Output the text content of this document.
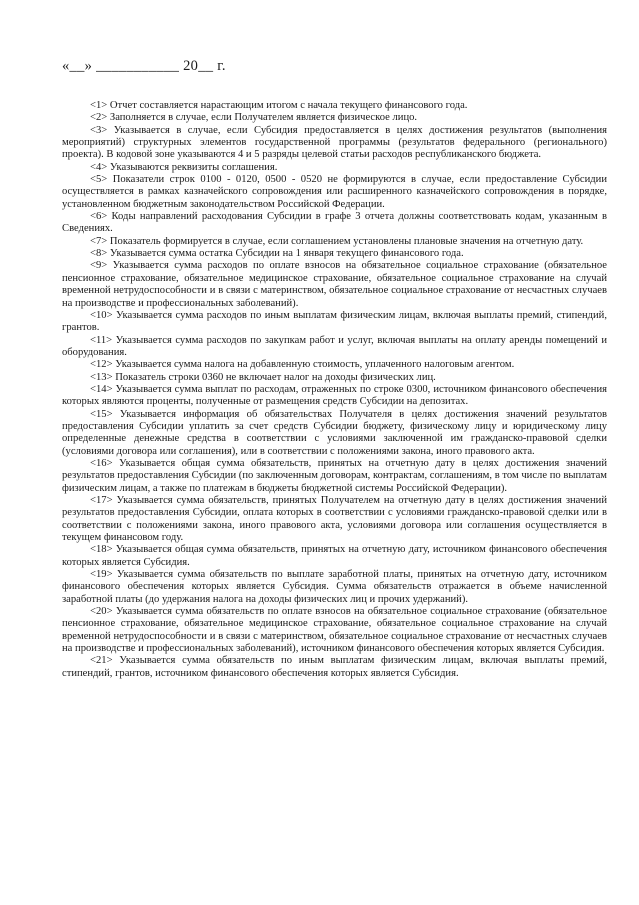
«__» ___________ 20__ г.

<1> Отчет составляется нарастающим итогом с начала текущего финансового года.

<2> Заполняется в случае, если Получателем является физическое лицо.

<3> Указывается в случае, если Субсидия предоставляется в целях достижения результатов (выполнения мероприятий) структурных элементов государственной программы (результатов федерального (регионального) проекта). В кодовой зоне указываются 4 и 5 разряды целевой статьи расходов республиканского бюджета.

<4> Указываются реквизиты соглашения.

<5> Показатели строк 0100 - 0120, 0500 - 0520 не формируются в случае, если предоставление Субсидии осуществляется в рамках казначейского сопровождения или расширенного казначейского сопровождения в порядке, установленном бюджетным законодательством Российской Федерации.

<6> Коды направлений расходования Субсидии в графе 3 отчета должны соответствовать кодам, указанным в Сведениях.

<7> Показатель формируется в случае, если соглашением установлены плановые значения на отчетную дату.

<8> Указывается сумма остатка Субсидии на 1 января текущего финансового года.

<9> Указывается сумма расходов по оплате взносов на обязательное социальное страхование (обязательное пенсионное страхование, обязательное медицинское страхование, обязательное социальное страхование на случай временной нетрудоспособности и в связи с материнством, обязательное социальное страхование от несчастных случаев на производстве и профессиональных заболеваний).

<10> Указывается сумма расходов по иным выплатам физическим лицам, включая выплаты премий, стипендий, грантов.

<11> Указывается сумма расходов по закупкам работ и услуг, включая выплаты на оплату аренды помещений и оборудования.

<12> Указывается сумма налога на добавленную стоимость, уплаченного налоговым агентом.

<13> Показатель строки 0360 не включает налог на доходы физических лиц.

<14> Указывается сумма выплат по расходам, отраженных по строке 0300, источником финансового обеспечения которых являются проценты, полученные от размещения средств Субсидии на депозитах.

<15> Указывается информация об обязательствах Получателя в целях достижения значений результатов предоставления Субсидии уплатить за счет средств Субсидии бюджету, физическому лицу и юридическому лицу определенные денежные средства в соответствии с условиями заключенной им гражданско-правовой сделки (условиями договора или соглашения), или в соответствии с положениями закона, иного правового акта.

<16> Указывается общая сумма обязательств, принятых на отчетную дату в целях достижения значений результатов предоставления Субсидии (по заключенным договорам, контрактам, соглашениям, в том числе по выплатам физическим лицам, а также по платежам в бюджеты бюджетной системы Российской Федерации).

<17> Указывается сумма обязательств, принятых Получателем на отчетную дату в целях достижения значений результатов предоставления Субсидии, оплата которых в соответствии с условиями гражданско-правовой сделки или в соответствии с положениями закона, иного правового акта, условиями договора или соглашения осуществляется в текущем финансовом году.

<18> Указывается общая сумма обязательств, принятых на отчетную дату, источником финансового обеспечения которых является Субсидия.

<19> Указывается сумма обязательств по выплате заработной платы, принятых на отчетную дату, источником финансового обеспечения которых является Субсидия. Сумма обязательств отражается в объеме начисленной заработной платы (до удержания налога на доходы физических лиц и прочих удержаний).

<20> Указывается сумма обязательств по оплате взносов на обязательное социальное страхование (обязательное пенсионное страхование, обязательное медицинское страхование, обязательное социальное страхование на случай временной нетрудоспособности и в связи с материнством, обязательное социальное страхование от несчастных случаев на производстве и профессиональных заболеваний), источником финансового обеспечения которых является Субсидия.

<21> Указывается сумма обязательств по иным выплатам физическим лицам, включая выплаты премий, стипендий, грантов, источником финансового обеспечения которых является Субсидия.
